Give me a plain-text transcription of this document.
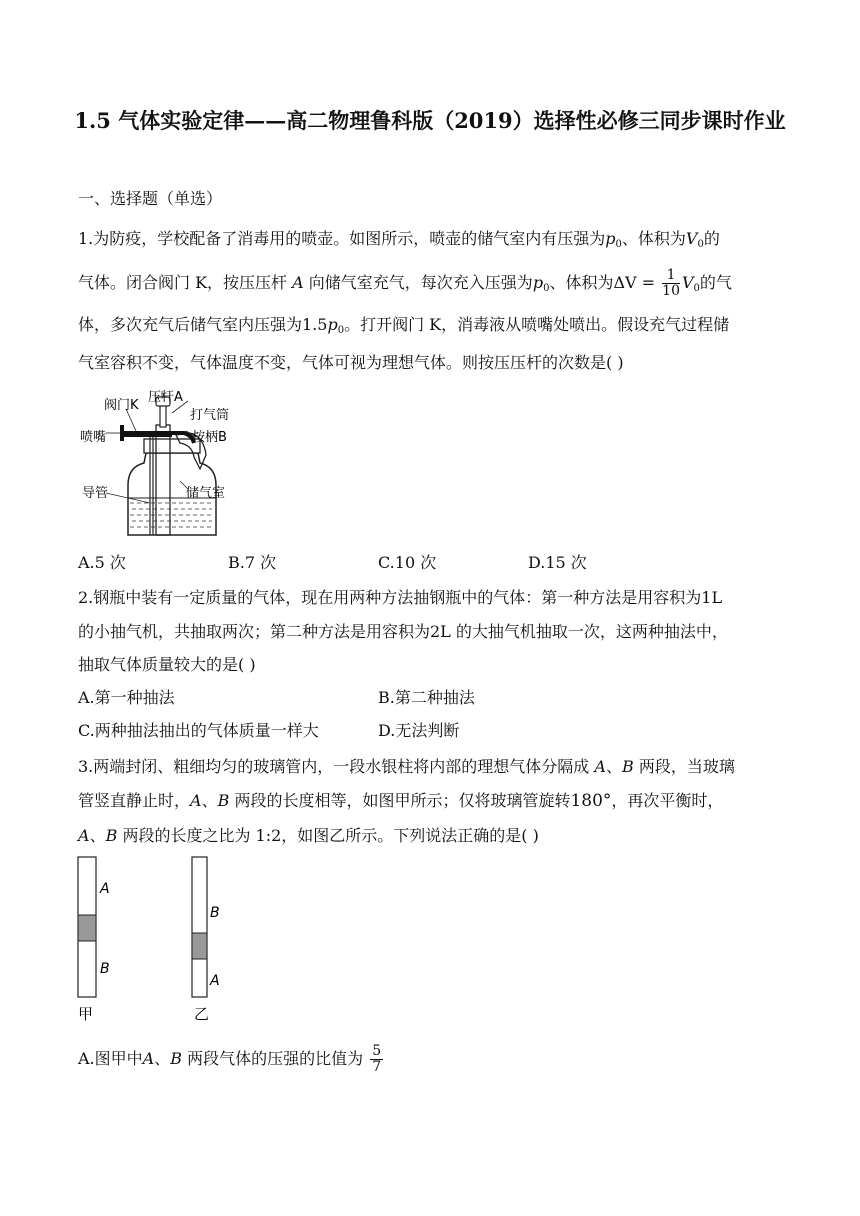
1.5 气体实验定律——高二物理鲁科版（2019）选择性必修三同步课时作业
一、选择题（单选）
1.为防疫，学校配备了消毒用的喷壶。如图所示，喷壶的储气室内有压强为$p_0$、体积为$V_0$的
气体。闭合阀门 K，按压压杆 A 向储气室充气，每次充入压强为$p_0$、体积为$\Delta V = \frac{1}{10} V_0$的气
体，多次充气后储气室内压强为$1.5p_0$。打开阀门 K，消毒液从喷嘴处喷出。假设充气过程储
气室容积不变，气体温度不变，气体可视为理想气体。则按压压杆的次数是( )
压杆A
阀门K
打气筒
喷嘴	按柄B
导管	储气室
A.5 次	B.7 次	C.10 次	D.15 次
2.钢瓶中装有一定质量的气体，现在用两种方法抽钢瓶中的气体：第一种方法是用容积为1L
的小抽气机，共抽取两次；第二种方法是用容积为2L 的大抽气机抽取一次，这两种抽法中，
抽取气体质量较大的是( )
A.第一种抽法	B.第二种抽法
C.两种抽法抽出的气体质量一样大	D.无法判断
3.两端封闭、粗细均匀的玻璃管内，一段水银柱将内部的理想气体分隔成 A、B 两段，当玻璃
管竖直静止时，A、B 两段的长度相等，如图甲所示；仅将玻璃管旋转180°，再次平衡时，
A、B 两段的长度之比为 1:2，如图乙所示。下列说法正确的是( )
A
B
甲
B
A
乙
A.图甲中A、B 两段气体的压强的比值为 $\frac{5}{7}$
